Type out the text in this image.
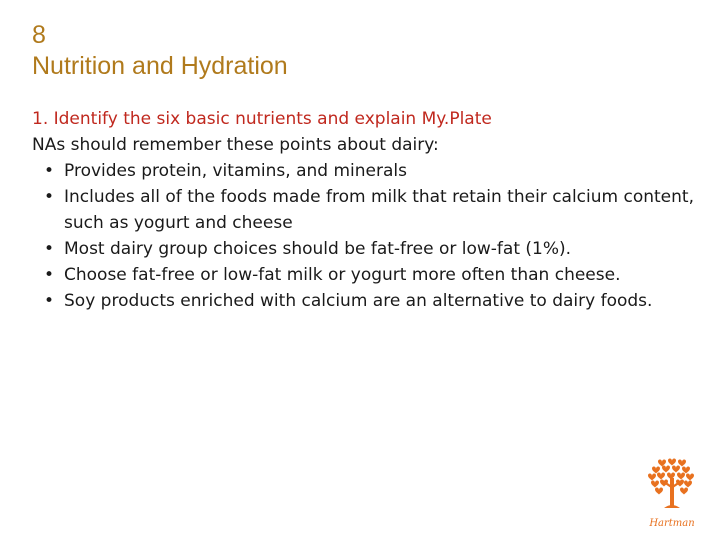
8
Nutrition and Hydration
1. Identify the six basic nutrients and explain My.Plate
NAs should remember these points about dairy:
• Provides protein, vitamins, and minerals
• Includes all of the foods made from milk that retain their calcium content, such as yogurt and cheese
• Most dairy group choices should be fat-free or low-fat (1%).
• Choose fat-free or low-fat milk or yogurt more often than cheese.
• Soy products enriched with calcium are an alternative to dairy foods.
Hartman
